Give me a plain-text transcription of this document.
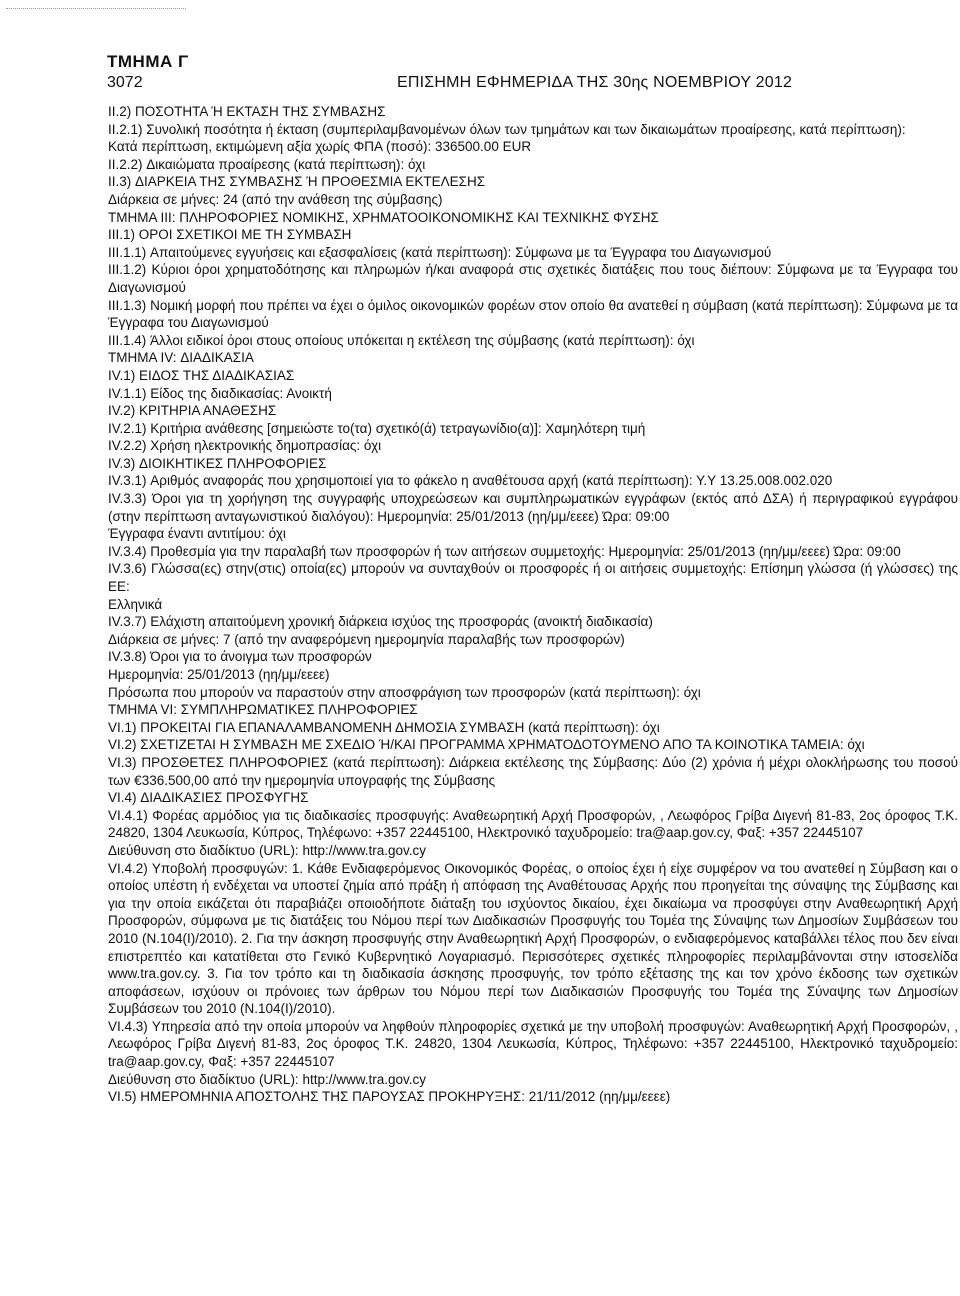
ΤΜΗΜΑ Γ
3072	ΕΠΙΣΗΜΗ ΕΦΗΜΕΡΙΔΑ ΤΗΣ 30ης ΝΟΕΜΒΡΙΟΥ 2012

II.2) ΠΟΣΟΤΗΤΑ Ή ΕΚΤΑΣΗ ΤΗΣ ΣΥΜΒΑΣΗΣ

II.2.1) Συνολική ποσότητα ή έκταση (συμπεριλαμβανομένων όλων των τμημάτων και των δικαιωμάτων προαίρεσης, κατά περίπτωση):

Κατά περίπτωση, εκτιμώμενη αξία χωρίς ΦΠΑ (ποσό): 336500.00 EUR

II.2.2) Δικαιώματα προαίρεσης (κατά περίπτωση): όχι

II.3) ΔΙΑΡΚΕΙΑ ΤΗΣ ΣΥΜΒΑΣΗΣ Ή ΠΡΟΘΕΣΜΙΑ ΕΚΤΕΛΕΣΗΣ

Διάρκεια σε μήνες: 24 (από την ανάθεση της σύμβασης)

ΤΜΗΜΑ III: ΠΛΗΡΟΦΟΡΙΕΣ ΝΟΜΙΚΗΣ, ΧΡΗΜΑΤΟΟΙΚΟΝΟΜΙΚΗΣ ΚΑΙ ΤΕΧΝΙΚΗΣ ΦΥΣΗΣ

III.1) ΟΡΟΙ ΣΧΕΤΙΚΟΙ ΜΕ ΤΗ ΣΥΜΒΑΣΗ

III.1.1) Απαιτούμενες εγγυήσεις και εξασφαλίσεις (κατά περίπτωση): Σύμφωνα με τα Έγγραφα του Διαγωνισμού

III.1.2) Κύριοι όροι χρηματοδότησης και πληρωμών ή/και αναφορά στις σχετικές διατάξεις που τους διέπουν: Σύμφωνα με τα Έγγραφα του Διαγωνισμού

III.1.3) Νομική μορφή που πρέπει να έχει ο όμιλος οικονομικών φορέων στον οποίο θα ανατεθεί η σύμβαση (κατά περίπτωση): Σύμφωνα με τα Έγγραφα του Διαγωνισμού

III.1.4) Άλλοι ειδικοί όροι στους οποίους υπόκειται η εκτέλεση της σύμβασης (κατά περίπτωση): όχι

ΤΜΗΜΑ IV: ΔΙΑΔΙΚΑΣΙΑ

IV.1) ΕΙΔΟΣ ΤΗΣ ΔΙΑΔΙΚΑΣΙΑΣ

IV.1.1) Είδος της διαδικασίας: Ανοικτή

IV.2) ΚΡΙΤΗΡΙΑ ΑΝΑΘΕΣΗΣ

IV.2.1) Κριτήρια ανάθεσης [σημειώστε το(τα) σχετικό(ά) τετραγωνίδιο(α)]: Χαμηλότερη τιμή

IV.2.2) Χρήση ηλεκτρονικής δημοπρασίας: όχι

IV.3) ΔΙΟΙΚΗΤΙΚΕΣ ΠΛΗΡΟΦΟΡΙΕΣ

IV.3.1) Αριθμός αναφοράς που χρησιμοποιεί για το φάκελο η αναθέτουσα αρχή (κατά περίπτωση): Υ.Υ 13.25.008.002.020

IV.3.3) Όροι για τη χορήγηση της συγγραφής υποχρεώσεων και συμπληρωματικών εγγράφων (εκτός από ΔΣΑ) ή περιγραφικού εγγράφου (στην περίπτωση ανταγωνιστικού διαλόγου): Ημερομηνία: 25/01/2013 (ηη/μμ/εεεε) Ώρα: 09:00

Έγγραφα έναντι αντιτίμου: όχι

IV.3.4) Προθεσμία για την παραλαβή των προσφορών ή των αιτήσεων συμμετοχής: Ημερομηνία: 25/01/2013 (ηη/μμ/εεεε) Ώρα: 09:00

IV.3.6) Γλώσσα(ες) στην(στις) οποία(ες) μπορούν να συνταχθούν οι προσφορές ή οι αιτήσεις συμμετοχής: Επίσημη γλώσσα (ή γλώσσες) της ΕΕ:

Ελληνικά

IV.3.7) Ελάχιστη απαιτούμενη χρονική διάρκεια ισχύος της προσφοράς (ανοικτή διαδικασία)

Διάρκεια σε μήνες: 7 (από την αναφερόμενη ημερομηνία παραλαβής των προσφορών)

IV.3.8) Όροι για το άνοιγμα των προσφορών

Ημερομηνία: 25/01/2013 (ηη/μμ/εεεε)

Πρόσωπα που μπορούν να παραστούν στην αποσφράγιση των προσφορών (κατά περίπτωση): όχι

ΤΜΗΜΑ VI: ΣΥΜΠΛΗΡΩΜΑΤΙΚΕΣ ΠΛΗΡΟΦΟΡΙΕΣ

VI.1) ΠΡΟΚΕΙΤΑΙ ΓΙΑ ΕΠΑΝΑΛΑΜΒΑΝΟΜΕΝΗ ΔΗΜΟΣΙΑ ΣΥΜΒΑΣΗ (κατά περίπτωση): όχι

VI.2) ΣΧΕΤΙΖΕΤΑΙ Η ΣΥΜΒΑΣΗ ΜΕ ΣΧΕΔΙΟ Ή/ΚΑΙ ΠΡΟΓΡΑΜΜΑ ΧΡΗΜΑΤΟΔΟΤΟΥΜΕΝΟ ΑΠΟ ΤΑ ΚΟΙΝΟΤΙΚΑ ΤΑΜΕΙΑ: όχι

VI.3) ΠΡΟΣΘΕΤΕΣ ΠΛΗΡΟΦΟΡΙΕΣ (κατά περίπτωση): Διάρκεια εκτέλεσης της Σύμβασης: Δύο (2) χρόνια ή μέχρι ολοκλήρωσης του ποσού των €336.500,00 από την ημερομηνία υπογραφής της Σύμβασης

VI.4) ΔΙΑΔΙΚΑΣΙΕΣ ΠΡΟΣΦΥΓΗΣ

VI.4.1) Φορέας αρμόδιος για τις διαδικασίες προσφυγής: Αναθεωρητική Αρχή Προσφορών, , Λεωφόρος Γρίβα Διγενή 81-83, 2ος όροφος Τ.Κ. 24820, 1304 Λευκωσία, Κύπρος, Τηλέφωνο: +357 22445100, Ηλεκτρονικό ταχυδρομείο: tra@aap.gov.cy, Φαξ: +357 22445107

Διεύθυνση στο διαδίκτυο (URL): http://www.tra.gov.cy

VI.4.2) Υποβολή προσφυγών: 1. Κάθε Ενδιαφερόμενος Οικονομικός Φορέας, ο οποίος έχει ή είχε συμφέρον να του ανατεθεί η Σύμβαση και ο οποίος υπέστη ή ενδέχεται να υποστεί ζημία από πράξη ή απόφαση της Αναθέτουσας Αρχής που προηγείται της σύναψης της Σύμβασης και για την οποία εικάζεται ότι παραβιάζει οποιοδήποτε διάταξη του ισχύοντος δικαίου, έχει δικαίωμα να προσφύγει στην Αναθεωρητική Αρχή Προσφορών, σύμφωνα με τις διατάξεις του Νόμου περί των Διαδικασιών Προσφυγής του Τομέα της Σύναψης των Δημοσίων Συμβάσεων του 2010 (Ν.104(Ι)/2010). 2. Για την άσκηση προσφυγής στην Αναθεωρητική Αρχή Προσφορών, ο ενδιαφερόμενος καταβάλλει τέλος που δεν είναι επιστρεπτέο και κατατίθεται στο Γενικό Κυβερνητικό Λογαριασμό. Περισσότερες σχετικές πληροφορίες περιλαμβάνονται στην ιστοσελίδα www.tra.gov.cy. 3. Για τον τρόπο και τη διαδικασία άσκησης προσφυγής, τον τρόπο εξέτασης της και τον χρόνο έκδοσης των σχετικών αποφάσεων, ισχύουν οι πρόνοιες των άρθρων του Νόμου περί των Διαδικασιών Προσφυγής του Τομέα της Σύναψης των Δημοσίων Συμβάσεων του 2010 (Ν.104(Ι)/2010).

VI.4.3) Υπηρεσία από την οποία μπορούν να ληφθούν πληροφορίες σχετικά με την υποβολή προσφυγών: Αναθεωρητική Αρχή Προσφορών, , Λεωφόρος Γρίβα Διγενή 81-83, 2ος όροφος Τ.Κ. 24820, 1304 Λευκωσία, Κύπρος, Τηλέφωνο: +357 22445100, Ηλεκτρονικό ταχυδρομείο: tra@aap.gov.cy, Φαξ: +357 22445107

Διεύθυνση στο διαδίκτυο (URL): http://www.tra.gov.cy

VI.5) ΗΜΕΡΟΜΗΝΙΑ ΑΠΟΣΤΟΛΗΣ ΤΗΣ ΠΑΡΟΥΣΑΣ ΠΡΟΚΗΡΥΞΗΣ: 21/11/2012 (ηη/μμ/εεεε)
